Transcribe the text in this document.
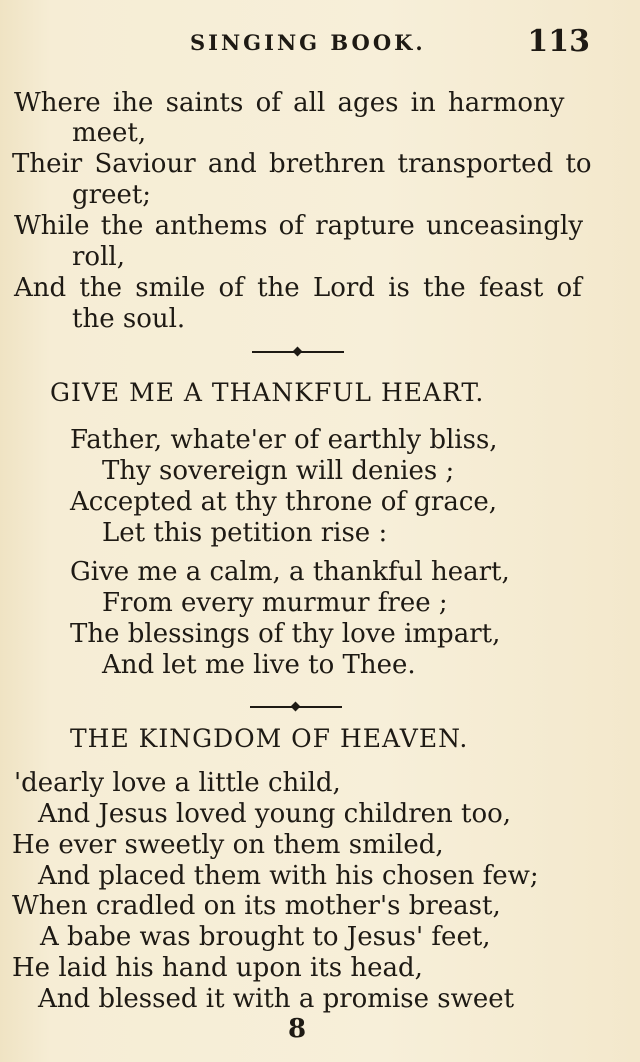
SINGING BOOK.	113
Where ihe saints of all ages in harmony
meet,
Their Saviour and brethren transported to
greet;
While the anthems of rapture unceasingly
roll,
And the smile of the Lord is the feast of
the soul.
GIVE ME A THANKFUL HEART.
Father, whate'er of earthly bliss,
Thy sovereign will denies ;
Accepted at thy throne of grace,
Let this petition rise :
Give me a calm, a thankful heart,
From every murmur free ;
The blessings of thy love impart,
And let me live to Thee.
THE KINGDOM OF HEAVEN.
'dearly love a little child,
And Jesus loved young children too,
He ever sweetly on them smiled,
And placed them with his chosen few;
When cradled on its mother's breast,
A babe was brought to Jesus' feet,
He laid his hand upon its head,
And blessed it with a promise sweet
8
